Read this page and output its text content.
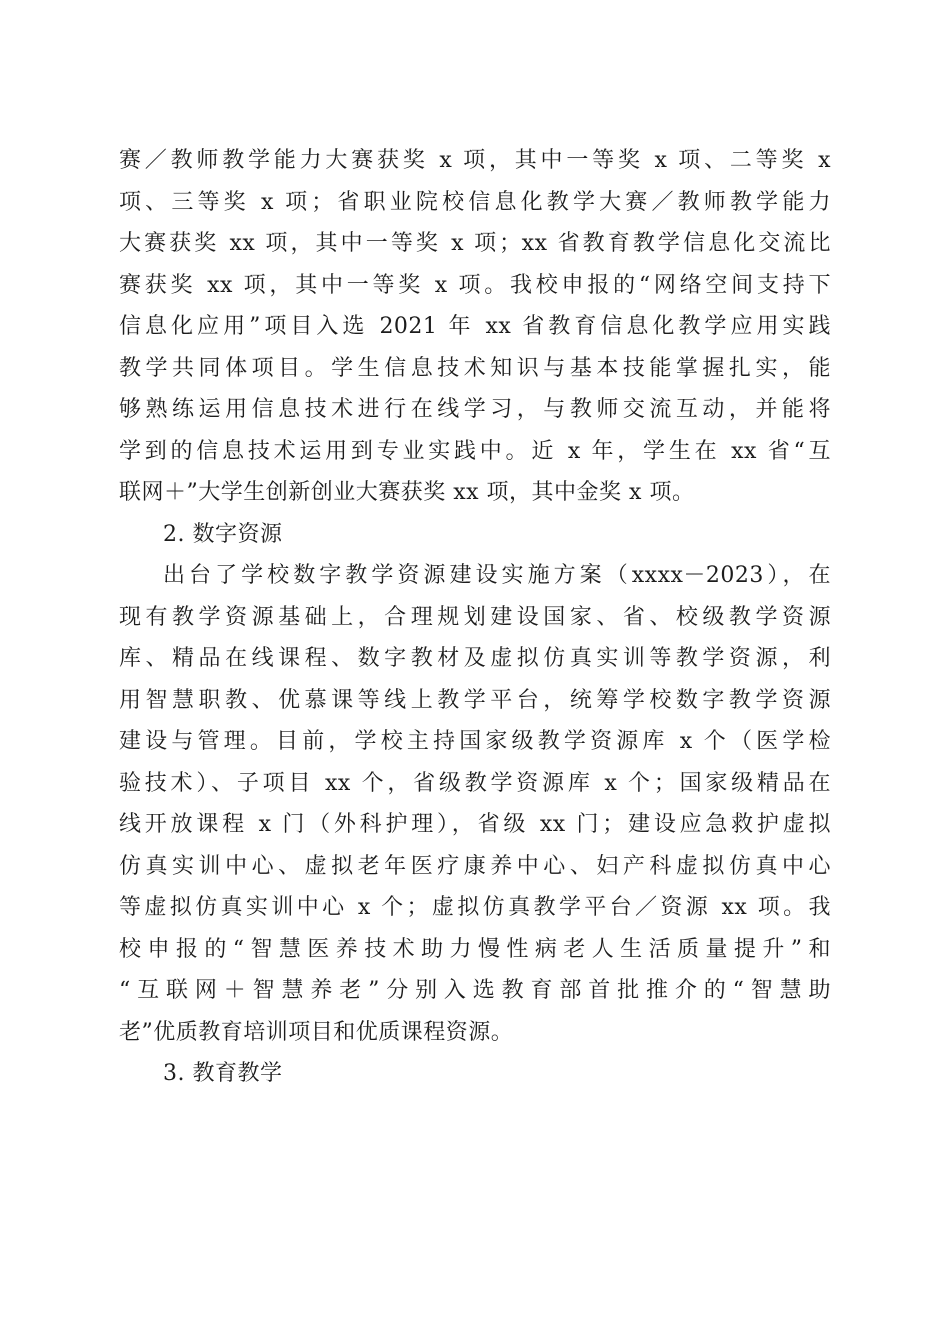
赛／教师教学能力大赛获奖 x 项，其中一等奖 x 项、二等奖 x
项、三等奖 x 项；省职业院校信息化教学大赛／教师教学能力
大赛获奖 xx 项，其中一等奖 x 项；xx 省教育教学信息化交流比
赛获奖 xx 项，其中一等奖 x 项。我校申报的“网络空间支持下
信息化应用”项目入选 2021 年 xx 省教育信息化教学应用实践
教学共同体项目。学生信息技术知识与基本技能掌握扎实，能
够熟练运用信息技术进行在线学习，与教师交流互动，并能将
学到的信息技术运用到专业实践中。近 x 年，学生在 xx 省“互
联网＋”大学生创新创业大赛获奖 xx 项，其中金奖 x 项。
2. 数字资源
出台了学校数字教学资源建设实施方案（xxxx－2023），在
现有教学资源基础上，合理规划建设国家、省、校级教学资源
库、精品在线课程、数字教材及虚拟仿真实训等教学资源，利
用智慧职教、优慕课等线上教学平台，统筹学校数字教学资源
建设与管理。目前，学校主持国家级教学资源库 x 个（医学检
验技术）、子项目 xx 个，省级教学资源库 x 个；国家级精品在
线开放课程 x 门（外科护理），省级 xx 门；建设应急救护虚拟
仿真实训中心、虚拟老年医疗康养中心、妇产科虚拟仿真中心
等虚拟仿真实训中心 x 个；虚拟仿真教学平台／资源 xx 项。我
校申报的“智慧医养技术助力慢性病老人生活质量提升”和
“互联网＋智慧养老”分别入选教育部首批推介的“智慧助
老”优质教育培训项目和优质课程资源。
3. 教育教学
